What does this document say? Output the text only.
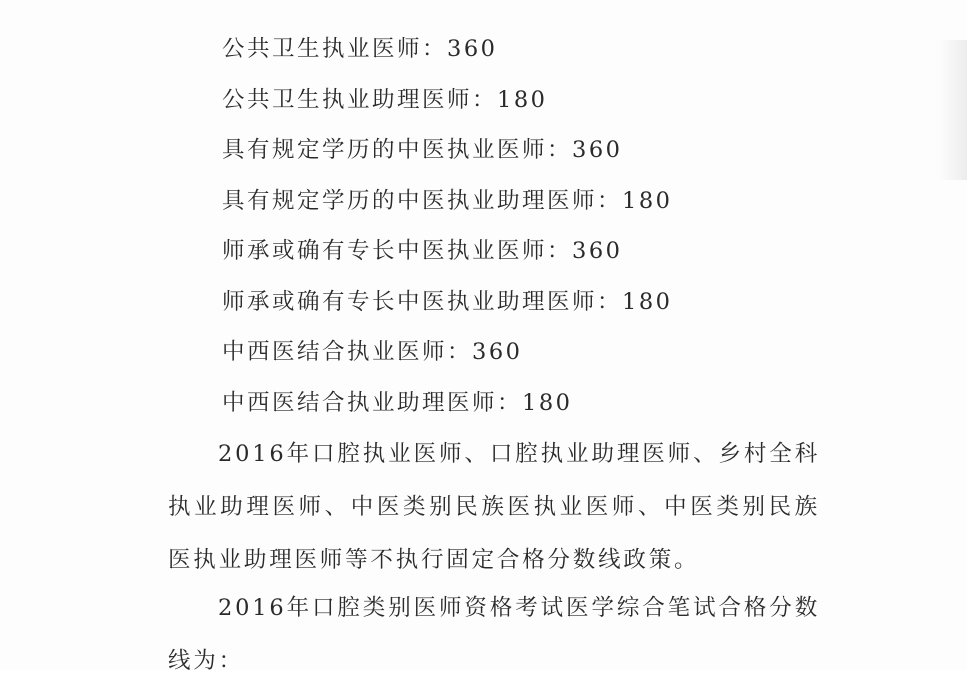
公共卫生执业医师：360
公共卫生执业助理医师：180
具有规定学历的中医执业医师：360
具有规定学历的中医执业助理医师：180
师承或确有专长中医执业医师：360
师承或确有专长中医执业助理医师：180
中西医结合执业医师：360
中西医结合执业助理医师：180

2016年口腔执业医师、口腔执业助理医师、乡村全科执业助理医师、中医类别民族医执业医师、中医类别民族医执业助理医师等不执行固定合格分数线政策。

2016年口腔类别医师资格考试医学综合笔试合格分数线为：
